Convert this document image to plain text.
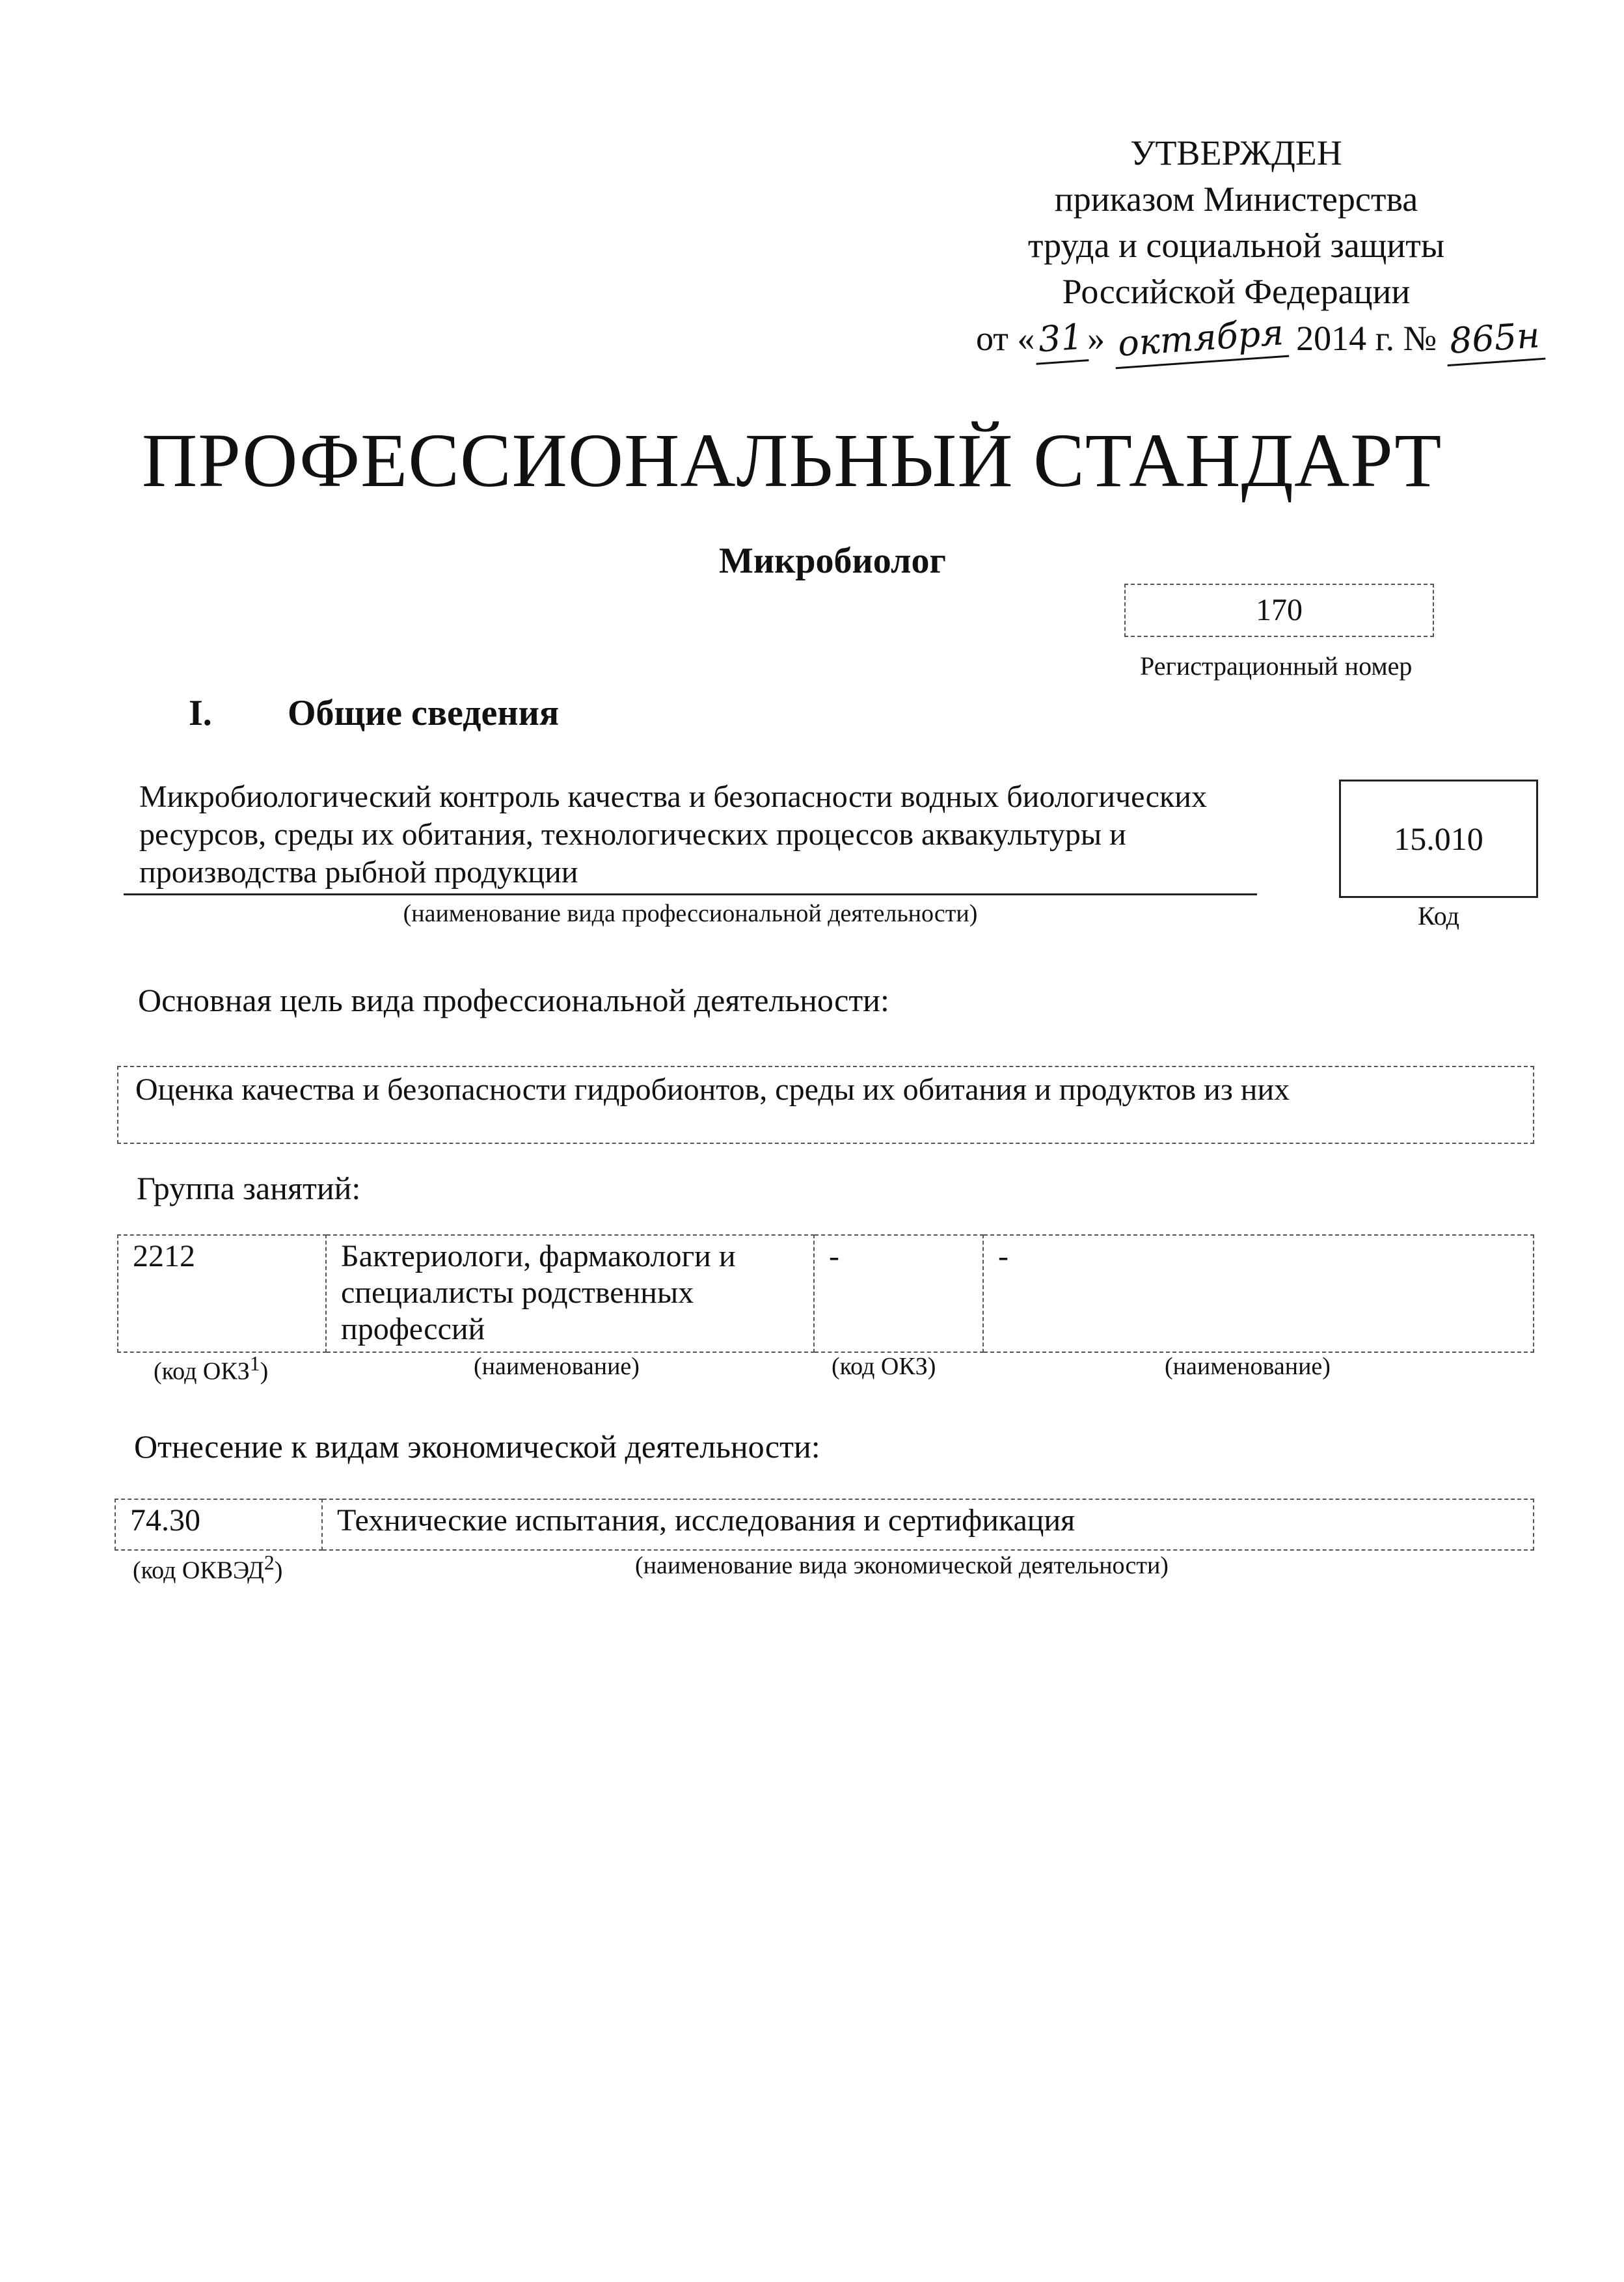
УТВЕРЖДЕН
приказом Министерства
труда и социальной защиты
Российской Федерации
от «31» октября 2014 г. № 865н
ПРОФЕССИОНАЛЬНЫЙ СТАНДАРТ
Микробиолог
170
Регистрационный номер
I. Общие сведения
Микробиологический контроль качества и безопасности водных биологических ресурсов, среды их обитания, технологических процессов аквакультуры и производства рыбной продукции
(наименование вида профессиональной деятельности)
15.010
Код
Основная цель вида профессиональной деятельности:
Оценка качества и безопасности гидробионтов, среды их обитания и продуктов из них
Группа занятий:
2212	Бактериологи, фармакологи и специалисты родственных профессий	-	-
(код ОКЗ$^1$)	(наименование)	(код ОКЗ)	(наименование)
Отнесение к видам экономической деятельности:
74.30	Технические испытания, исследования и сертификация
(код ОКВЭД$^2$)	(наименование вида экономической деятельности)
